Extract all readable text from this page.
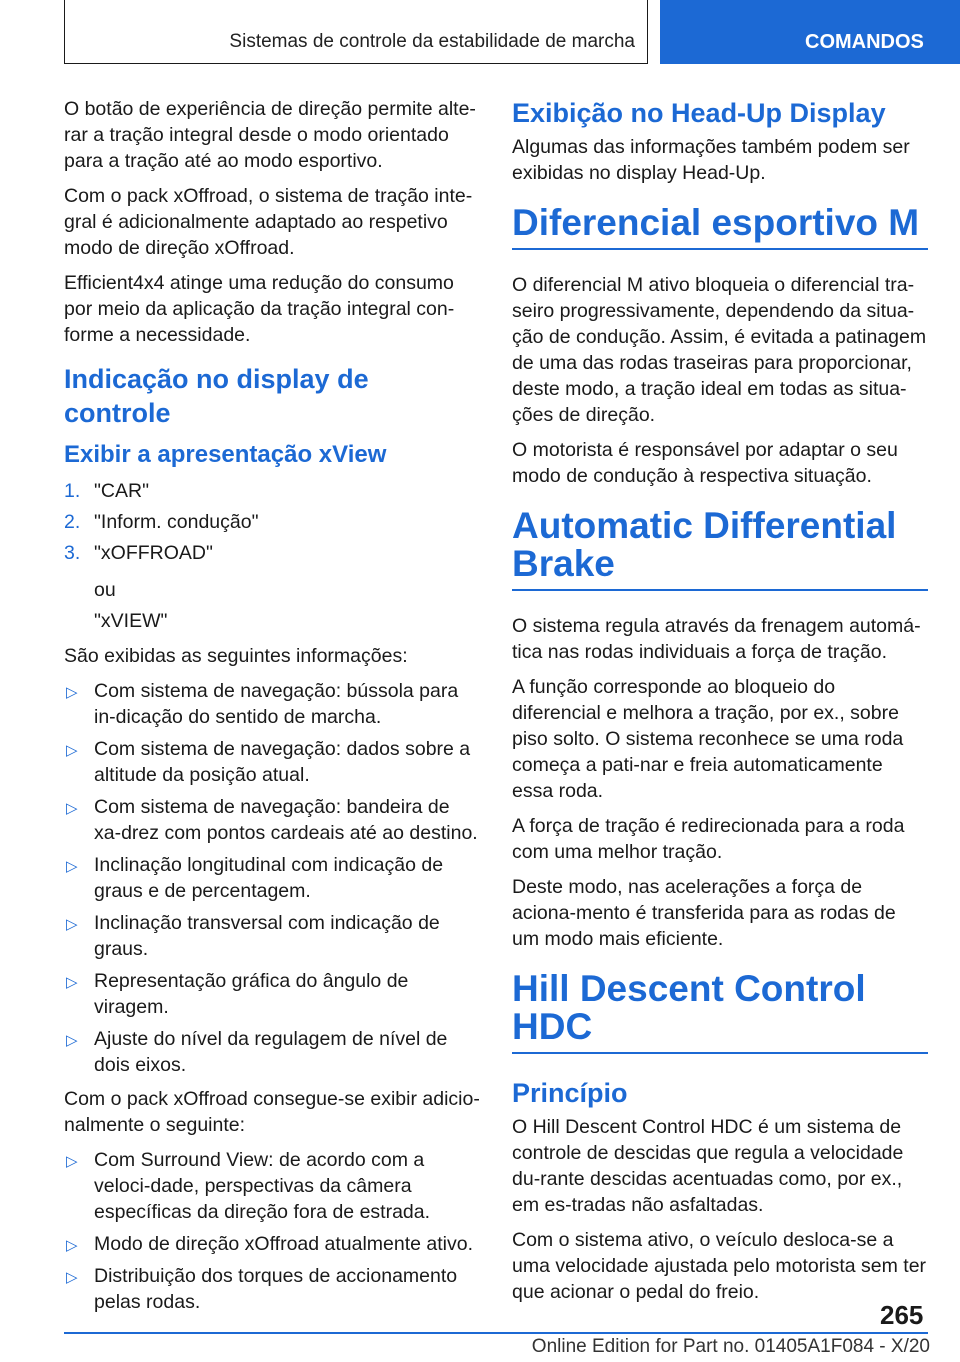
Sistemas de controle da estabilidade de marcha	COMANDOS

O botão de experiência de direção permite alte-rar a tração integral desde o modo orientado para a tração até ao modo esportivo.

Com o pack xOffroad, o sistema de tração inte-gral é adicionalmente adaptado ao respetivo modo de direção xOffroad.

Efficient4x4 atinge uma redução do consumo por meio da aplicação da tração integral con-forme a necessidade.

Indicação no display de controle
Exibir a apresentação xView
1. "CAR"
2. "Inform. condução"
3. "xOFFROAD"
ou
"xVIEW"

São exibidas as seguintes informações:

▷ Com sistema de navegação: bússola para in-dicação do sentido de marcha.
▷ Com sistema de navegação: dados sobre a altitude da posição atual.
▷ Com sistema de navegação: bandeira de xa-drez com pontos cardeais até ao destino.
▷ Inclinação longitudinal com indicação de graus e de percentagem.
▷ Inclinação transversal com indicação de graus.
▷ Representação gráfica do ângulo de viragem.
▷ Ajuste do nível da regulagem de nível de dois eixos.

Com o pack xOffroad consegue-se exibir adicio-nalmente o seguinte:

▷ Com Surround View: de acordo com a veloci-dade, perspectivas da câmera específicas da direção fora de estrada.
▷ Modo de direção xOffroad atualmente ativo.
▷ Distribuição dos torques de accionamento pelas rodas.
Exibição no Head-Up Display

Algumas das informações também podem ser exibidas no display Head-Up.

Diferencial esportivo M

O diferencial M ativo bloqueia o diferencial tra-seiro progressivamente, dependendo da situa-ção de condução. Assim, é evitada a patinagem de uma das rodas traseiras para proporcionar, deste modo, a tração ideal em todas as situa-ções de direção.

O motorista é responsável por adaptar o seu modo de condução à respectiva situação.

Automatic Differential Brake

O sistema regula através da frenagem automá-tica nas rodas individuais a força de tração.

A função corresponde ao bloqueio do diferencial e melhora a tração, por ex., sobre piso solto. O sistema reconhece se uma roda começa a pati-nar e freia automaticamente essa roda.

A força de tração é redirecionada para a roda com uma melhor tração.

Deste modo, nas acelerações a força de aciona-mento é transferida para as rodas de um modo mais eficiente.

Hill Descent Control HDC
Princípio

O Hill Descent Control HDC é um sistema de controle de descidas que regula a velocidade du-rante descidas acentuadas como, por ex., em es-tradas não asfaltadas.

Com o sistema ativo, o veículo desloca-se a uma velocidade ajustada pelo motorista sem ter que acionar o pedal do freio.

265
Online Edition for Part no. 01405A1F084 - X/20
